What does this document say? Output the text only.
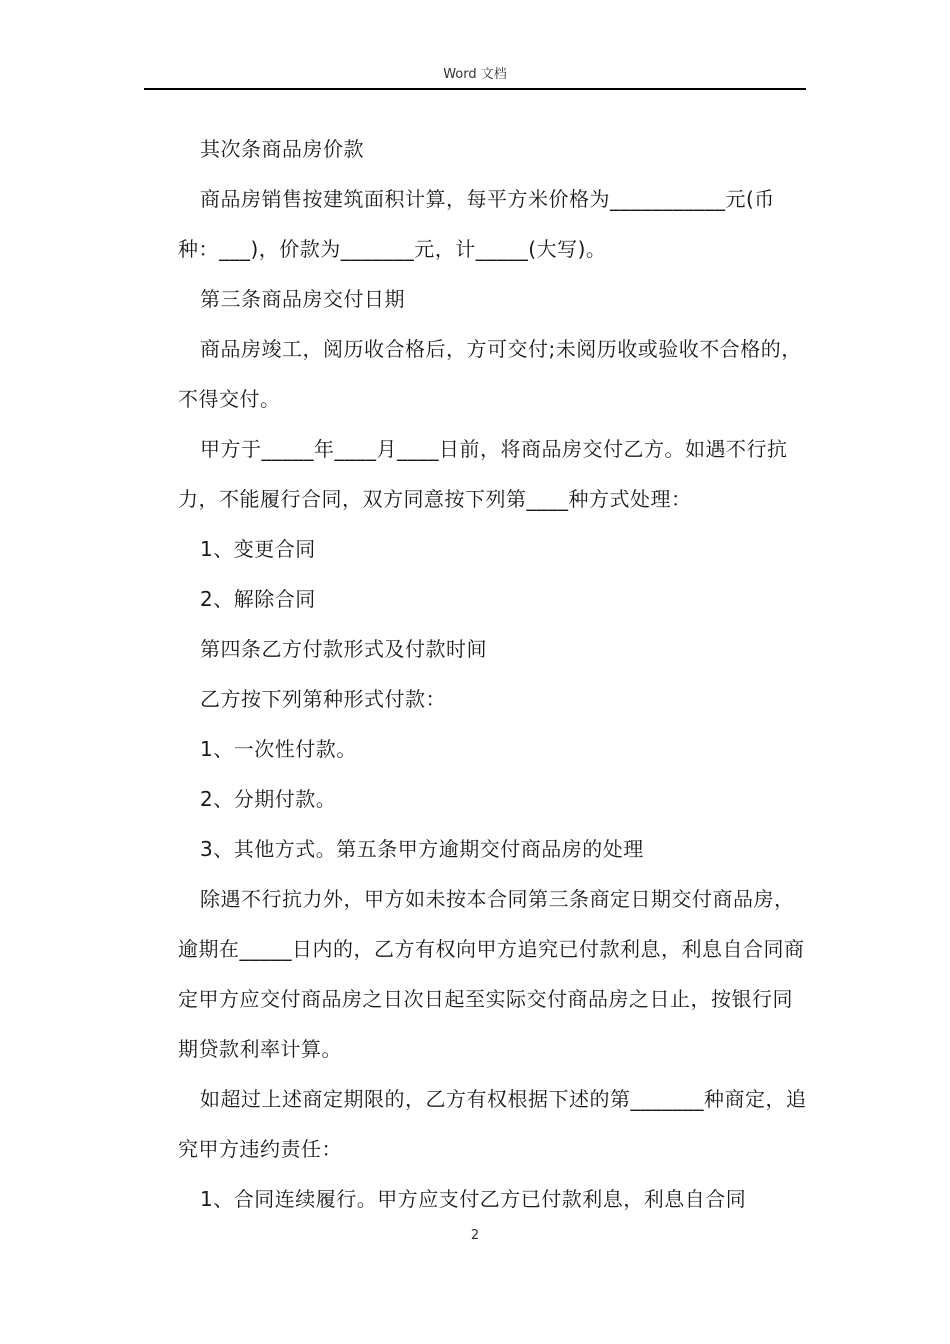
Word 文档

其次条商品房价款

商品房销售按建筑面积计算，每平方米价格为___________元(币种：___)，价款为_______元，计_____(大写)。

第三条商品房交付日期

商品房竣工，阅历收合格后，方可交付;未阅历收或验收不合格的，不得交付。

甲方于_____年____月____日前，将商品房交付乙方。如遇不行抗力，不能履行合同，双方同意按下列第____种方式处理：

1、变更合同

2、解除合同

第四条乙方付款形式及付款时间

乙方按下列第种形式付款：

1、一次性付款。

2、分期付款。

3、其他方式。第五条甲方逾期交付商品房的处理

除遇不行抗力外，甲方如未按本合同第三条商定日期交付商品房，逾期在_____日内的，乙方有权向甲方追究已付款利息，利息自合同商定甲方应交付商品房之日次日起至实际交付商品房之日止，按银行同期贷款利率计算。

如超过上述商定期限的，乙方有权根据下述的第_______种商定，追究甲方违约责任：

1、合同连续履行。甲方应支付乙方已付款利息，利息自合同

2
